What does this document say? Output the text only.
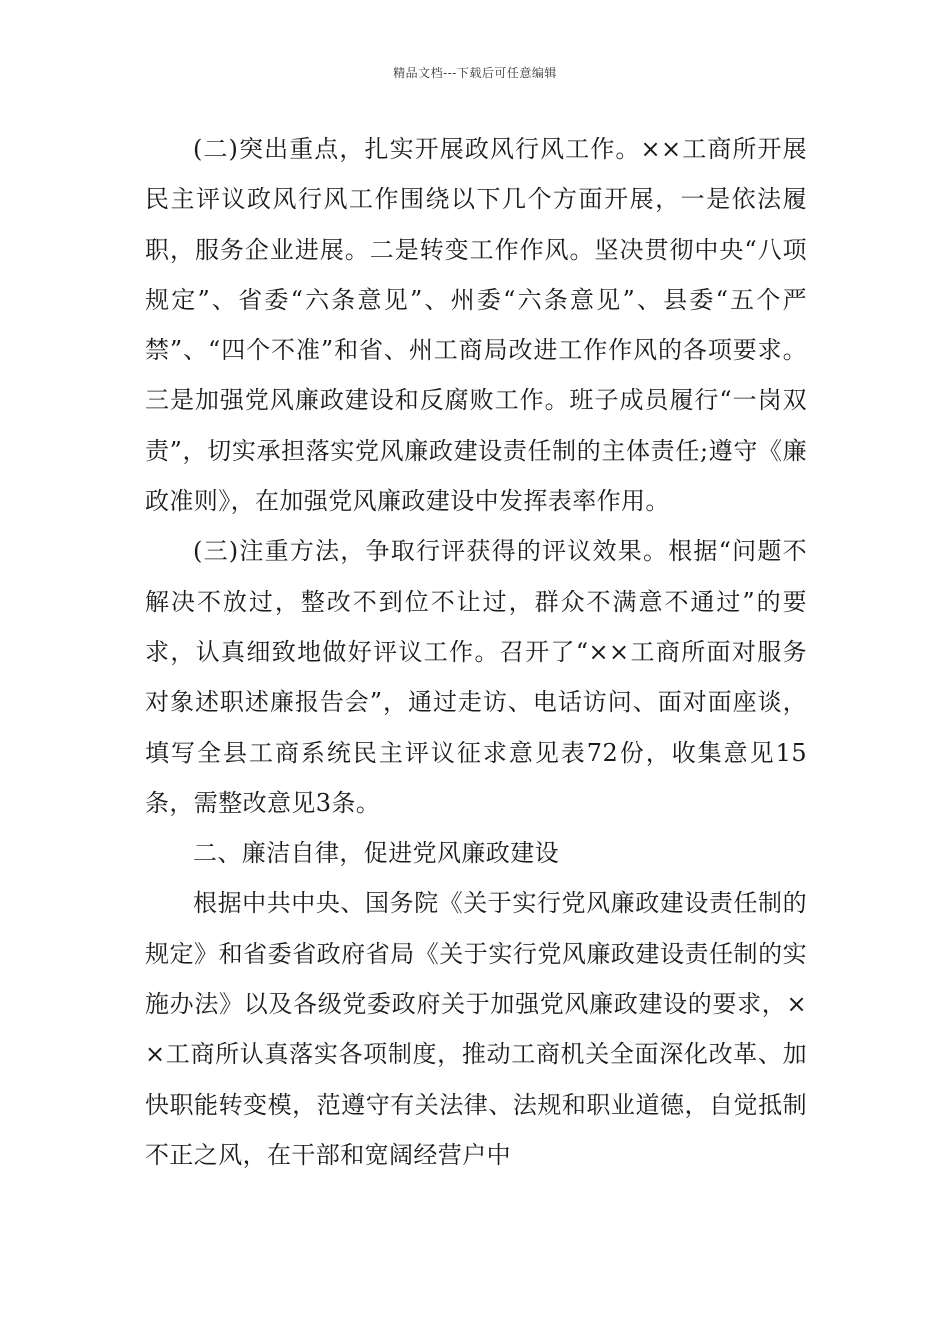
精品文档---下载后可任意编辑

(二)突出重点，扎实开展政风行风工作。××工商所开展民主评议政风行风工作围绕以下几个方面开展，一是依法履职，服务企业进展。二是转变工作作风。坚决贯彻中央“八项规定”、省委“六条意见”、州委“六条意见”、县委“五个严禁”、“四个不准”和省、州工商局改进工作作风的各项要求。三是加强党风廉政建设和反腐败工作。班子成员履行“一岗双责”，切实承担落实党风廉政建设责任制的主体责任;遵守《廉政准则》，在加强党风廉政建设中发挥表率作用。

(三)注重方法，争取行评获得的评议效果。根据“问题不解决不放过，整改不到位不让过，群众不满意不通过”的要求，认真细致地做好评议工作。召开了“××工商所面对服务对象述职述廉报告会”，通过走访、电话访问、面对面座谈，填写全县工商系统民主评议征求意见表72份，收集意见15条，需整改意见3条。

二、廉洁自律，促进党风廉政建设

根据中共中央、国务院《关于实行党风廉政建设责任制的规定》和省委省政府省局《关于实行党风廉政建设责任制的实施办法》以及各级党委政府关于加强党风廉政建设的要求，××工商所认真落实各项制度，推动工商机关全面深化改革、加快职能转变模，范遵守有关法律、法规和职业道德，自觉抵制不正之风，在干部和宽阔经营户中
